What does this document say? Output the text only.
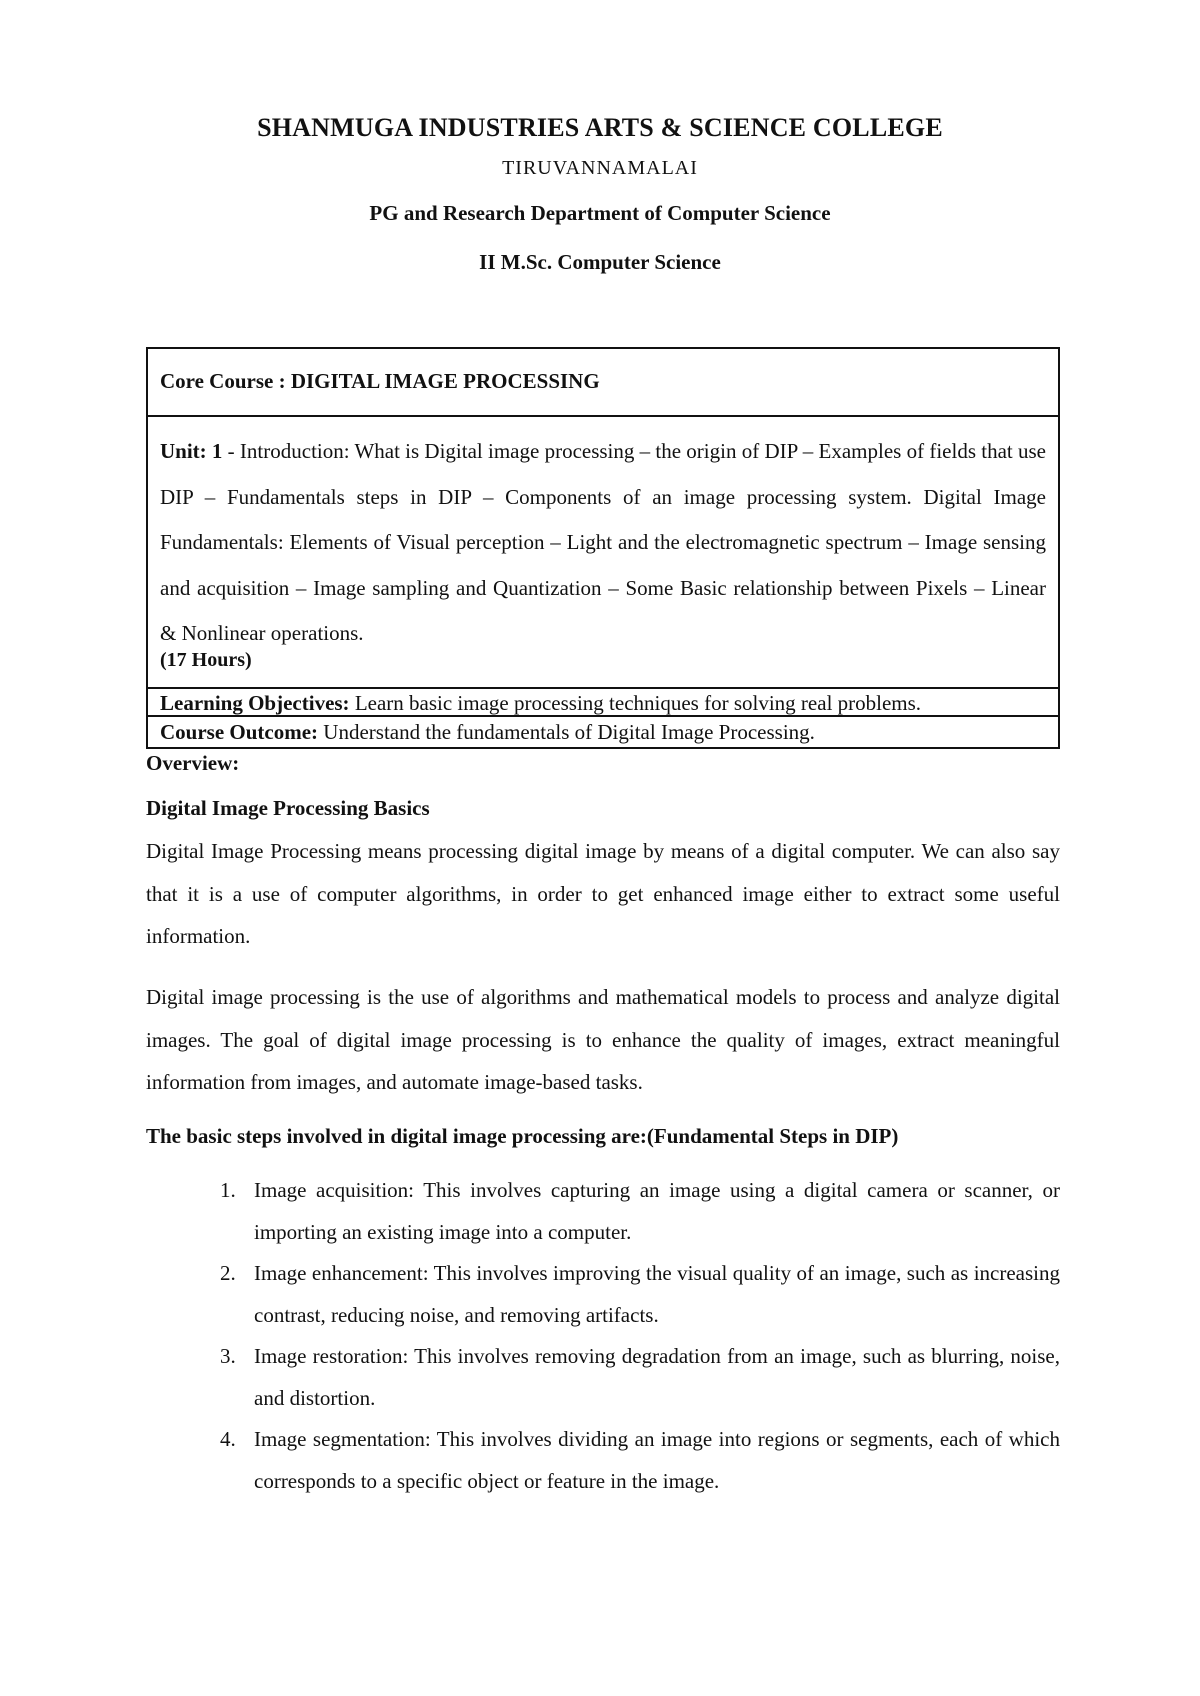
SHANMUGA INDUSTRIES ARTS & SCIENCE COLLEGE
TIRUVANNAMALAI
PG and Research Department of Computer Science
II M.Sc. Computer Science
Core Course : DIGITAL IMAGE PROCESSING
Unit: 1 - Introduction: What is Digital image processing – the origin of DIP – Examples of fields that use DIP – Fundamentals steps in DIP – Components of an image processing system. Digital Image Fundamentals: Elements of Visual perception – Light and the electromagnetic spectrum – Image sensing and acquisition – Image sampling and Quantization – Some Basic relationship between Pixels – Linear & Nonlinear operations.
(17 Hours)
Learning Objectives: Learn basic image processing techniques for solving real problems.
Course Outcome: Understand the fundamentals of Digital Image Processing.
Overview:
Digital Image Processing Basics
Digital Image Processing means processing digital image by means of a digital computer. We can also say that it is a use of computer algorithms, in order to get enhanced image either to extract some useful information.
Digital image processing is the use of algorithms and mathematical models to process and analyze digital images. The goal of digital image processing is to enhance the quality of images, extract meaningful information from images, and automate image-based tasks.
The basic steps involved in digital image processing are:(Fundamental Steps in DIP)
1. Image acquisition: This involves capturing an image using a digital camera or scanner, or importing an existing image into a computer.
2. Image enhancement: This involves improving the visual quality of an image, such as increasing contrast, reducing noise, and removing artifacts.
3. Image restoration: This involves removing degradation from an image, such as blurring, noise, and distortion.
4. Image segmentation: This involves dividing an image into regions or segments, each of which corresponds to a specific object or feature in the image.
